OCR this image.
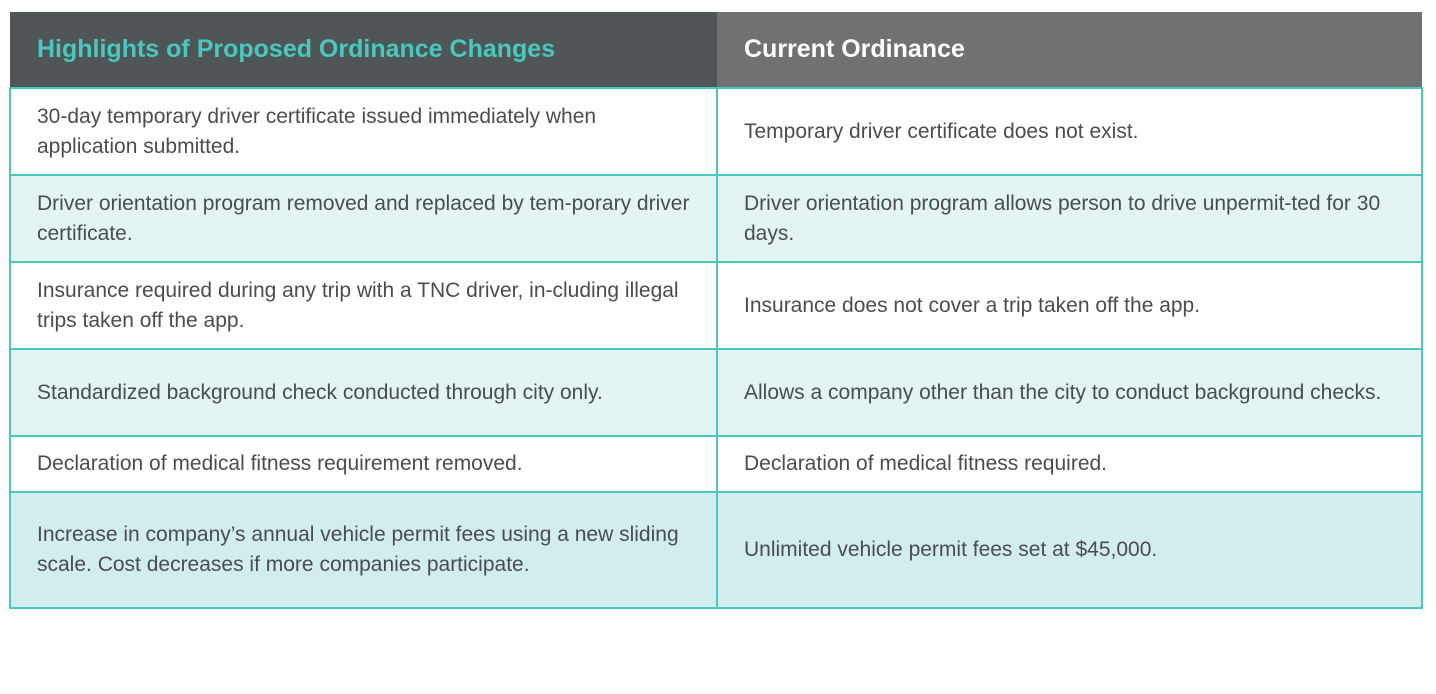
Highlights of Proposed Ordinance Changes	Current Ordinance
30-day temporary driver certificate issued immediately when application submitted.	Temporary driver certificate does not exist.
Driver orientation program removed and replaced by tem-porary driver certificate.	Driver orientation program allows person to drive unpermit-ted for 30 days.
Insurance required during any trip with a TNC driver, in-cluding illegal trips taken off the app.	Insurance does not cover a trip taken off the app.
Standardized background check conducted through city only.	Allows a company other than the city to conduct background checks.
Declaration of medical fitness requirement removed.	Declaration of medical fitness required.
Increase in company’s annual vehicle permit fees using a new sliding scale. Cost decreases if more companies participate.	Unlimited vehicle permit fees set at $45,000.
